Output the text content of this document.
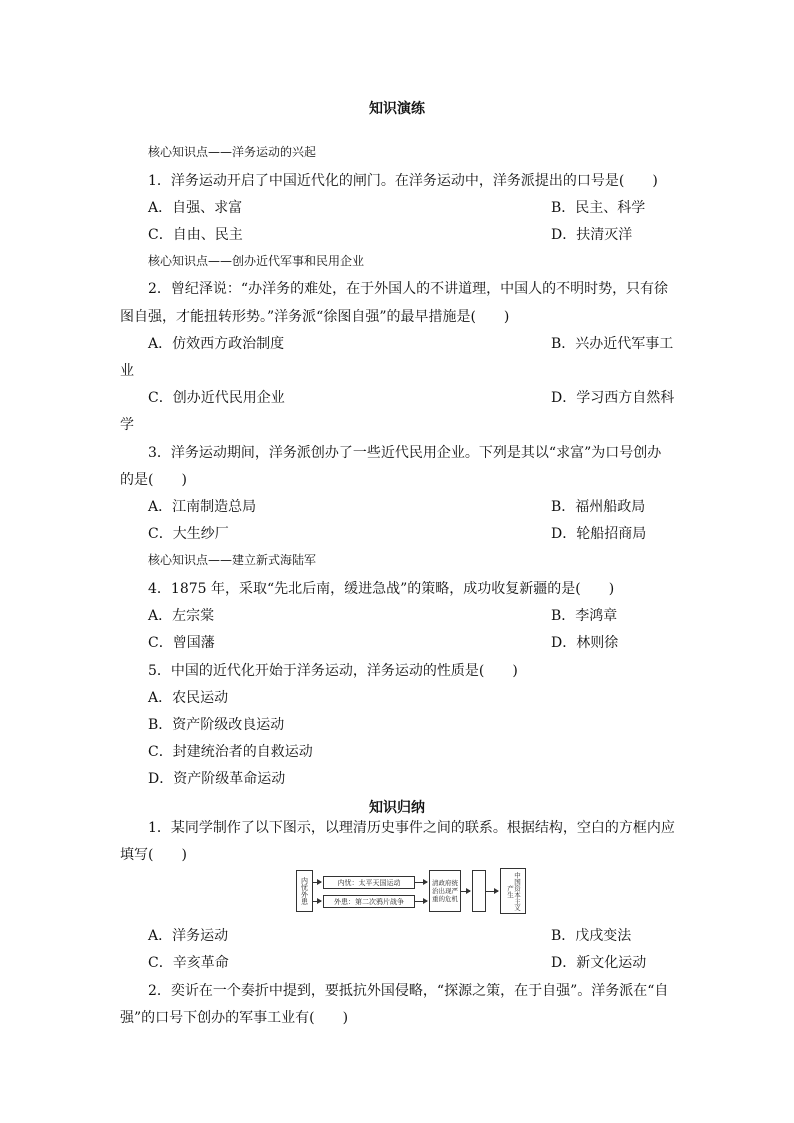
知识演练
核心知识点——洋务运动的兴起
1．洋务运动开启了中国近代化的闸门。在洋务运动中，洋务派提出的口号是(　　)
A．自强、求富	B．民主、科学
C．自由、民主	D．扶清灭洋
核心知识点——创办近代军事和民用企业
2．曾纪泽说：“办洋务的难处，在于外国人的不讲道理，中国人的不明时势，只有徐
图自强，才能扭转形势。”洋务派“徐图自强”的最早措施是(　　)
A．仿效西方政治制度	B．兴办近代军事工
业
C．创办近代民用企业	D．学习西方自然科
学
3．洋务运动期间，洋务派创办了一些近代民用企业。下列是其以“求富”为口号创办
的是(　　)
A．江南制造总局	B．福州船政局
C．大生纱厂	D．轮船招商局
核心知识点——建立新式海陆军
4．1875 年，采取“先北后南，缓进急战”的策略，成功收复新疆的是(　　)
A．左宗棠	B．李鸿章
C．曾国藩	D．林则徐
5．中国的近代化开始于洋务运动，洋务运动的性质是(　　)
A．农民运动
B．资产阶级改良运动
C．封建统治者的自救运动
D．资产阶级革命运动
知识归纳
1．某同学制作了以下图示，以理清历史事件之间的联系。根据结构，空白的方框内应
填写(　　)
内忧外患	内忧：太平天国运动
外患：第二次鸦片战争
清政府统治出现严重的危机	中国资本主义产生
A．洋务运动	B．戊戌变法
C．辛亥革命	D．新文化运动
2．奕䜣在一个奏折中提到，要抵抗外国侵略，“探源之策，在于自强”。洋务派在“自
强”的口号下创办的军事工业有(　　)
